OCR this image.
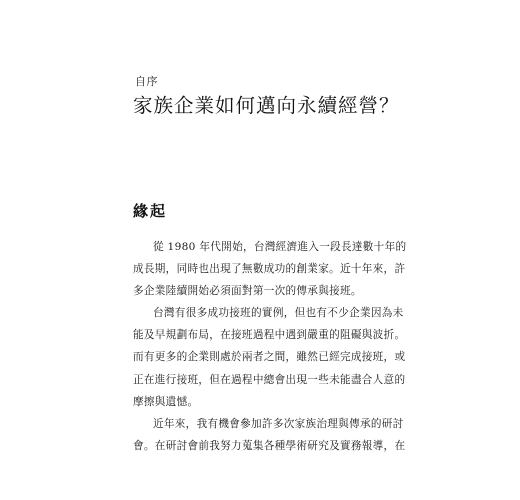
自序
家族企業如何邁向永續經營？
緣起
從 1980 年代開始，台灣經濟進入一段長達數十年的
成長期，同時也出現了無數成功的創業家。近十年來，許
多企業陸續開始必須面對第一次的傳承與接班。
台灣有很多成功接班的實例，但也有不少企業因為未
能及早規劃布局，在接班過程中遇到嚴重的阻礙與波折。
而有更多的企業則處於兩者之間，雖然已經完成接班，或
正在進行接班，但在過程中總會出現一些未能盡合人意的
摩擦與遺憾。
近年來，我有機會參加許多次家族治理與傳承的研討
會。在研討會前我努力蒐集各種學術研究及實務報導，在
